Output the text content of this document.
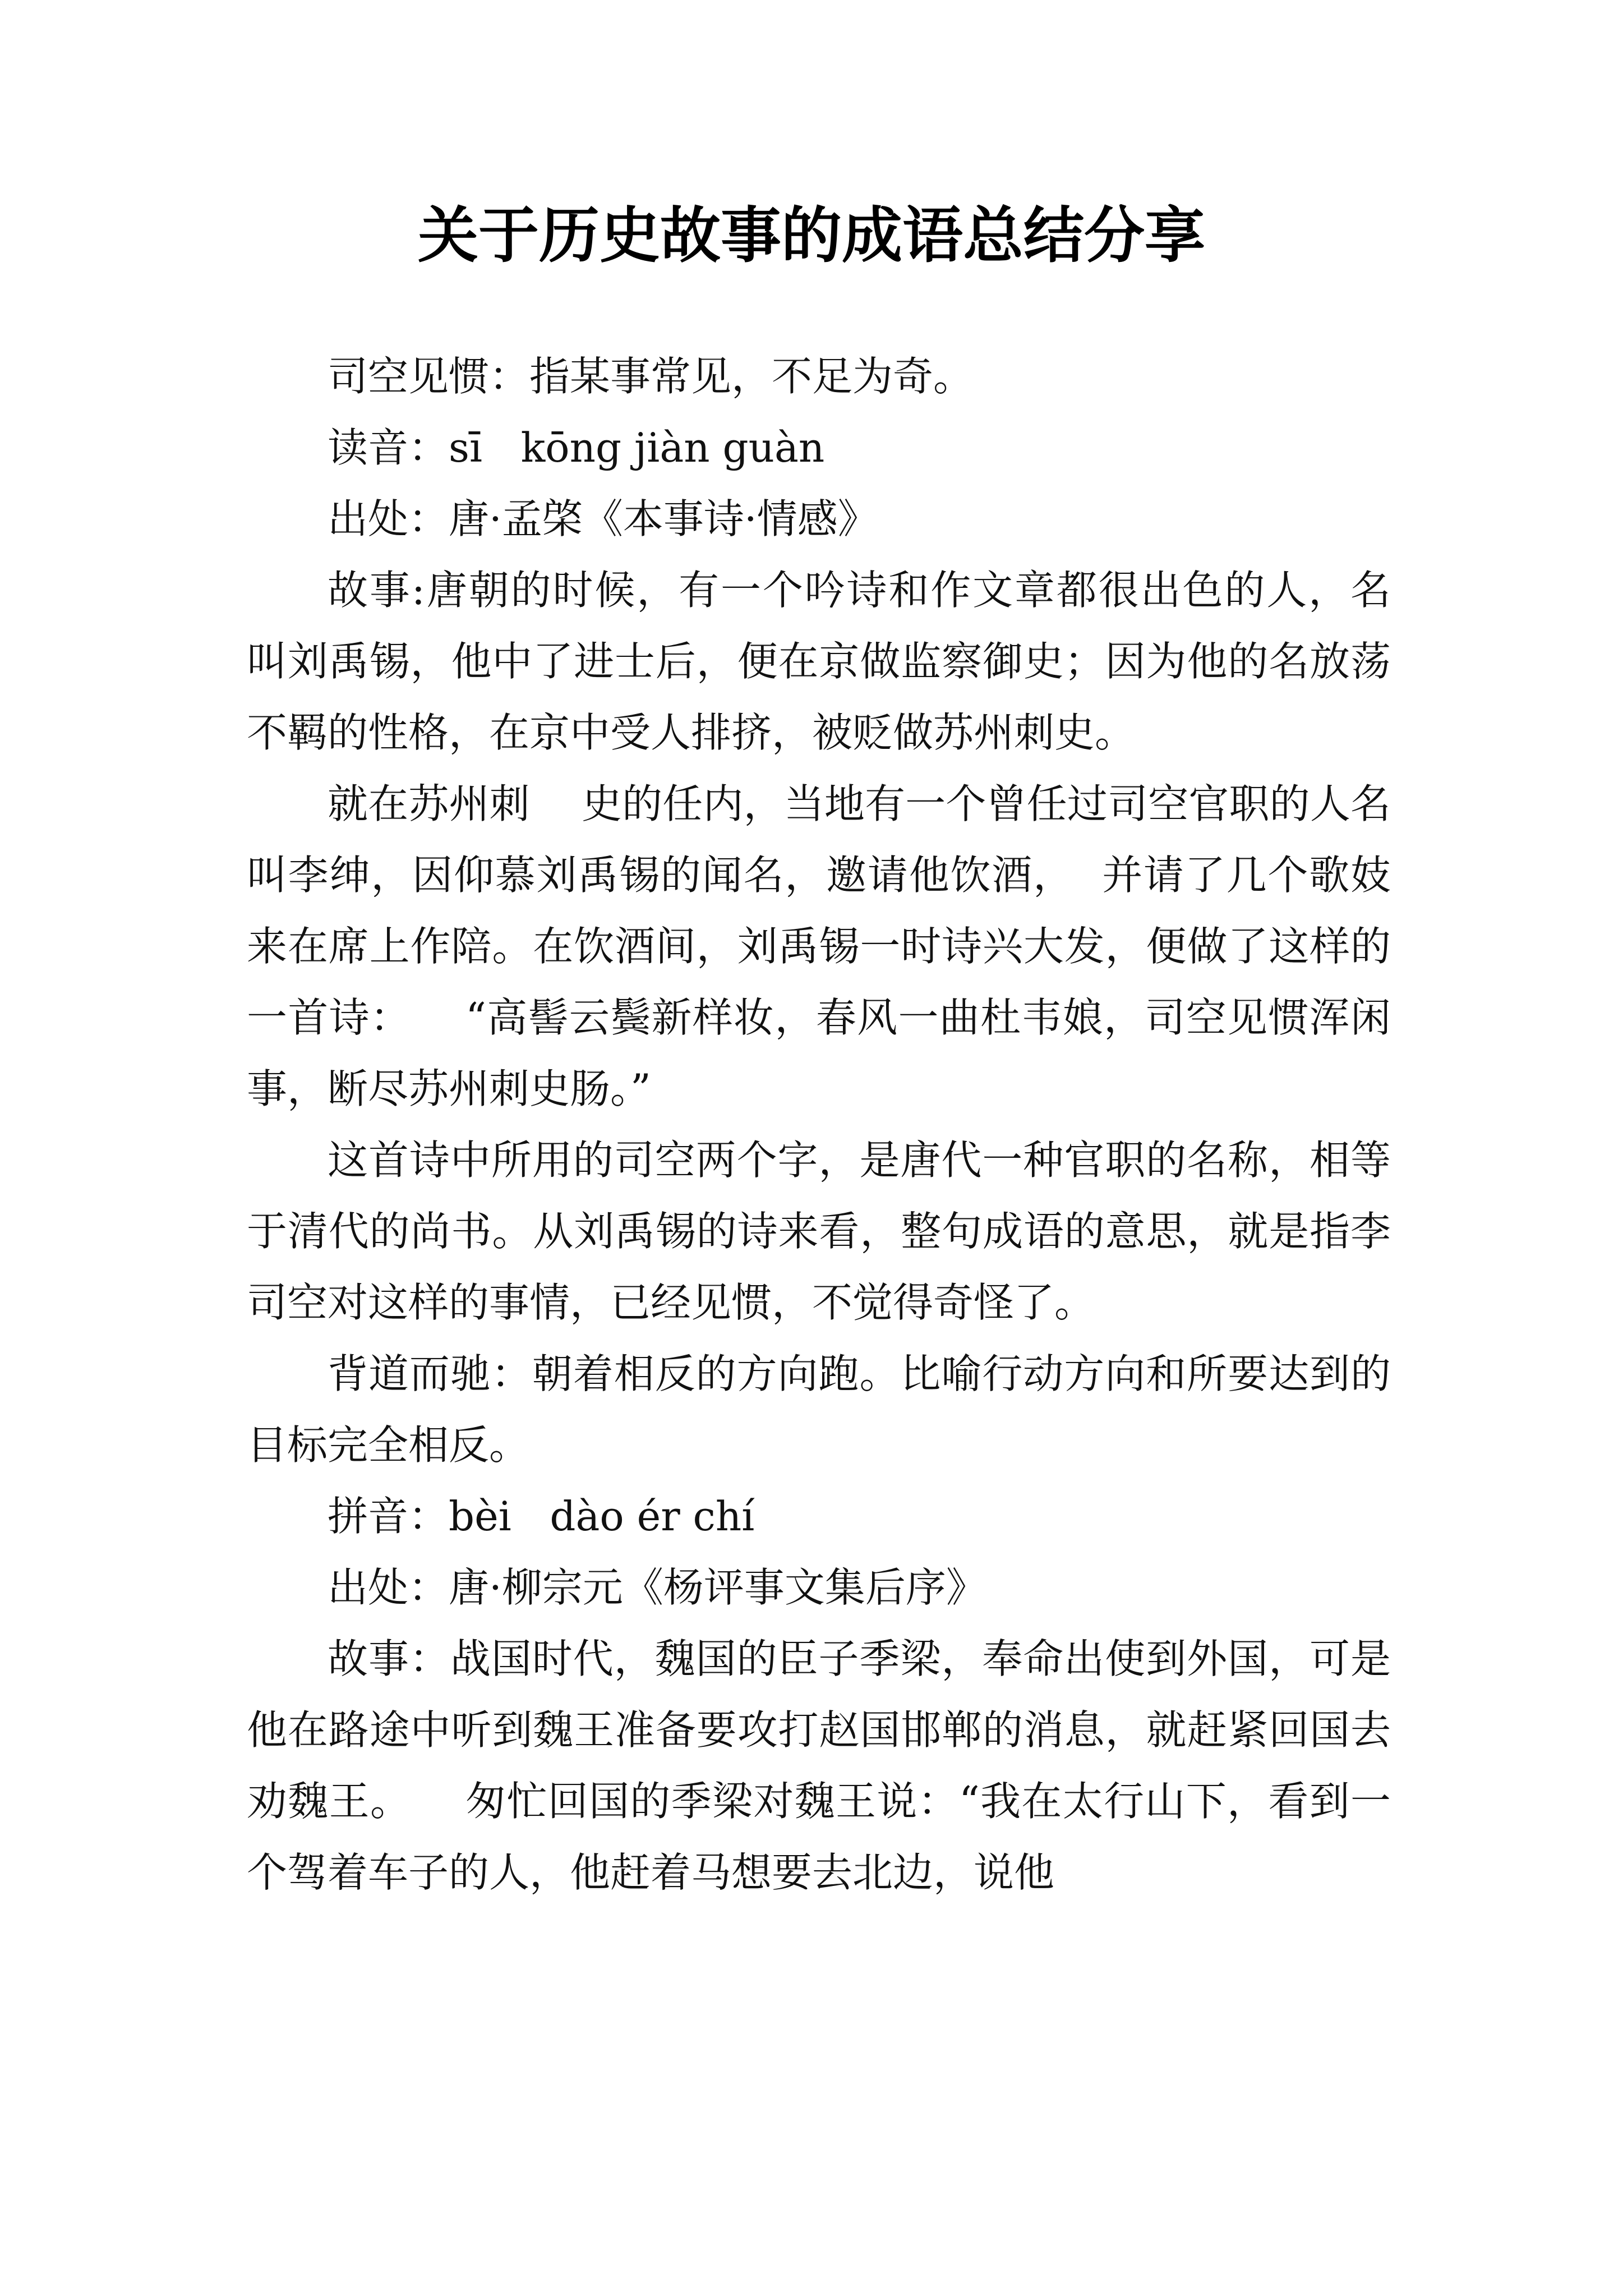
关于历史故事的成语总结分享

司空见惯：指某事常见，不足为奇。

读音：sī   kōng jiàn guàn

出处：唐·孟棨《本事诗·情感》

故事:唐朝的时候，有一个吟诗和作文章都很出色的人，名叫刘禹锡，他中了进士后，便在京做监察御史；因为他的名放荡不羁的性格，在京中受人排挤，被贬做苏州刺史。

就在苏州刺    史的任内，当地有一个曾任过司空官职的人名叫李绅，因仰慕刘禹锡的闻名，邀请他饮酒，  并请了几个歌妓来在席上作陪。在饮酒间，刘禹锡一时诗兴大发，便做了这样的一首诗：    “高髻云鬓新样妆，春风一曲杜韦娘，司空见惯浑闲事，断尽苏州刺史肠。”

这首诗中所用的司空两个字，是唐代一种官职的名称，相等于清代的尚书。从刘禹锡的诗来看，整句成语的意思，就是指李司空对这样的事情，已经见惯，不觉得奇怪了。

背道而驰：朝着相反的方向跑。比喻行动方向和所要达到的目标完全相反。

拼音：bèi   dào ér chí

出处：唐·柳宗元《杨评事文集后序》

故事：战国时代，魏国的臣子季梁，奉命出使到外国，可是他在路途中听到魏王准备要攻打赵国邯郸的消息，就赶紧回国去劝魏王。    匆忙回国的季梁对魏王说：“我在太行山下，看到一个驾着车子的人，他赶着马想要去北边，说他
